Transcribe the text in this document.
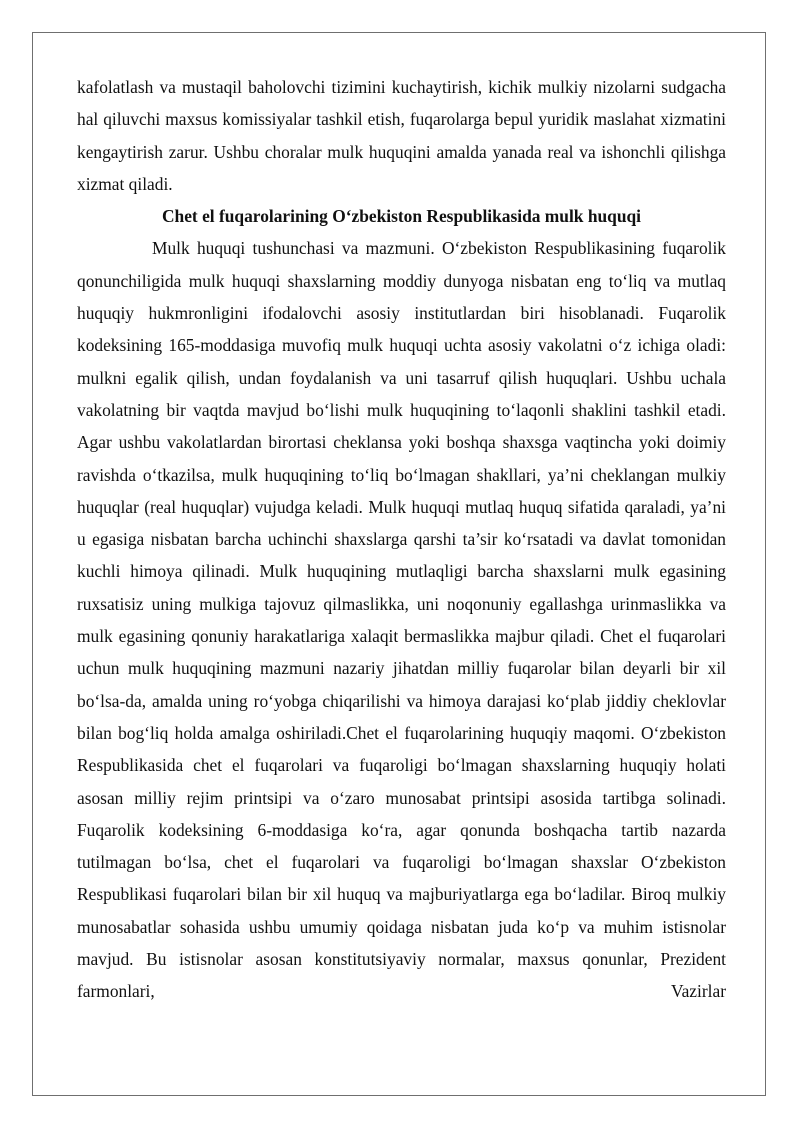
kafolatlash va mustaqil baholovchi tizimini kuchaytirish, kichik mulkiy nizolarni sudgacha hal qiluvchi maxsus komissiyalar tashkil etish, fuqarolarga bepul yuridik maslahat xizmatini kengaytirish zarur. Ushbu choralar mulk huquqini amalda yanada real va ishonchli qilishga xizmat qiladi.

Chet el fuqarolarining O‘zbekiston Respublikasida mulk huquqi

Mulk huquqi tushunchasi va mazmuni. O‘zbekiston Respublikasining fuqarolik qonunchiligida mulk huquqi shaxslarning moddiy dunyoga nisbatan eng to‘liq va mutlaq huquqiy hukmronligini ifodalovchi asosiy institutlardan biri hisoblanadi. Fuqarolik kodeksining 165-moddasiga muvofiq mulk huquqi uchta asosiy vakolatni o‘z ichiga oladi: mulkni egalik qilish, undan foydalanish va uni tasarruf qilish huquqlari. Ushbu uchala vakolatning bir vaqtda mavjud bo‘lishi mulk huquqining to‘laqonli shaklini tashkil etadi. Agar ushbu vakolatlardan birortasi cheklansa yoki boshqa shaxsga vaqtincha yoki doimiy ravishda o‘tkazilsa, mulk huquqining to‘liq bo‘lmagan shakllari, ya’ni cheklangan mulkiy huquqlar (real huquqlar) vujudga keladi. Mulk huquqi mutlaq huquq sifatida qaraladi, ya’ni u egasiga nisbatan barcha uchinchi shaxslarga qarshi ta’sir ko‘rsatadi va davlat tomonidan kuchli himoya qilinadi. Mulk huquqining mutlaqligi barcha shaxslarni mulk egasining ruxsatisiz uning mulkiga tajovuz qilmaslikka, uni noqonuniy egallashga urinmaslikka va mulk egasining qonuniy harakatlariga xalaqit bermaslikka majbur qiladi. Chet el fuqarolari uchun mulk huquqining mazmuni nazariy jihatdan milliy fuqarolar bilan deyarli bir xil bo‘lsa-da, amalda uning ro‘yobga chiqarilishi va himoya darajasi ko‘plab jiddiy cheklovlar bilan bog‘liq holda amalga oshiriladi.Chet el fuqarolarining huquqiy maqomi. O‘zbekiston Respublikasida chet el fuqarolari va fuqaroligi bo‘lmagan shaxslarning huquqiy holati asosan milliy rejim printsipi va o‘zaro munosabat printsipi asosida tartibga solinadi. Fuqarolik kodeksining 6-moddasiga ko‘ra, agar qonunda boshqacha tartib nazarda tutilmagan bo‘lsa, chet el fuqarolari va fuqaroligi bo‘lmagan shaxslar O‘zbekiston Respublikasi fuqarolari bilan bir xil huquq va majburiyatlarga ega bo‘ladilar. Biroq mulkiy munosabatlar sohasida ushbu umumiy qoidaga nisbatan juda ko‘p va muhim istisnolar mavjud. Bu istisnolar asosan konstitutsiyaviy normalar, maxsus qonunlar, Prezident farmonlari, Vazirlar
